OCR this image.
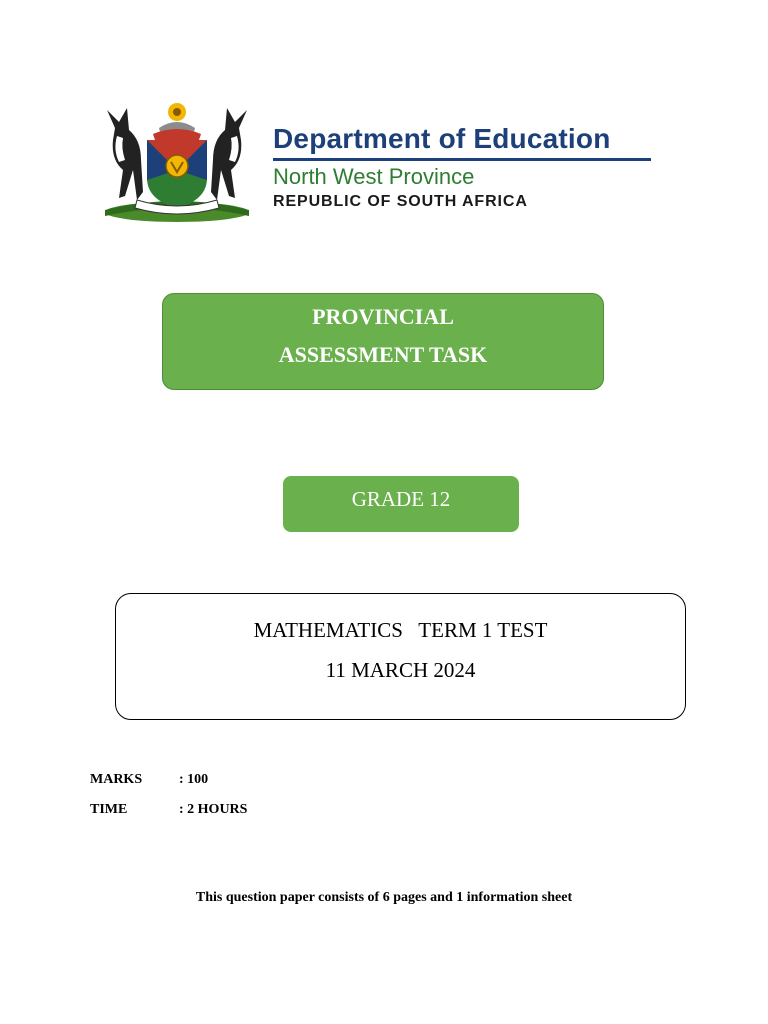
Department of Education
North West Province
REPUBLIC OF SOUTH AFRICA
PROVINCIAL
ASSESSMENT TASK
GRADE 12
MATHEMATICS   TERM 1 TEST
11 MARCH 2024
MARKS	: 100
TIME	: 2 HOURS
This question paper consists of 6 pages and 1 information sheet
